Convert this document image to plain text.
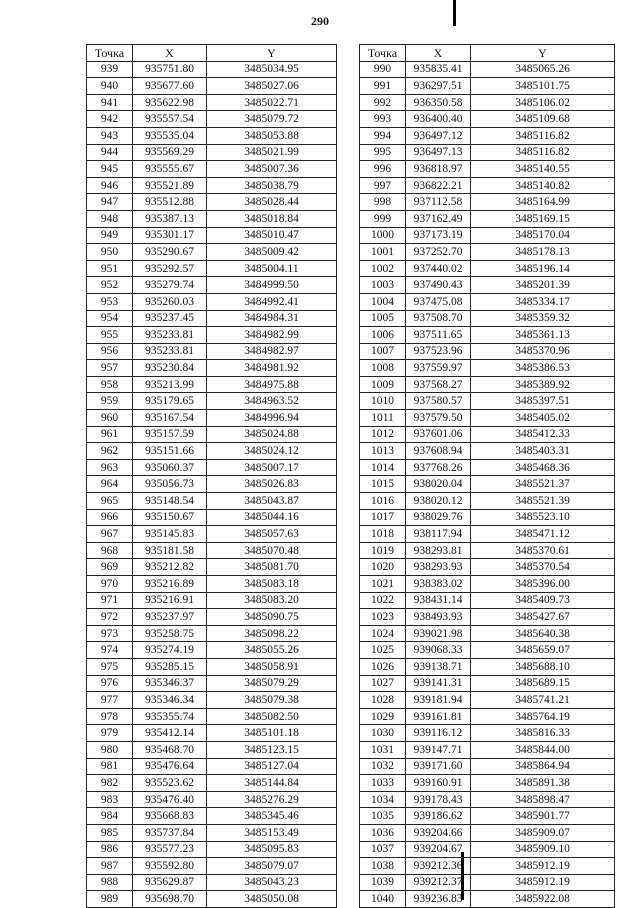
290
Точка	X	Y
939	935751.80	3485034.95
940	935677.60	3485027.06
941	935622.98	3485022.71
942	935557.54	3485079.72
943	935535.04	3485053.88
944	935569.29	3485021.99
945	935555.67	3485007.36
946	935521.89	3485038.79
947	935512.88	3485028.44
948	935387.13	3485018.84
949	935301.17	3485010.47
950	935290.67	3485009.42
951	935292.57	3485004.11
952	935279.74	3484999.50
953	935260.03	3484992.41
954	935237.45	3484984.31
955	935233.81	3484982.99
956	935233.81	3484982.97
957	935230.84	3484981.92
958	935213.99	3484975.88
959	935179.65	3484963.52
960	935167.54	3484996.94
961	935157.59	3485024.88
962	935151.66	3485024.12
963	935060.37	3485007.17
964	935056.73	3485026.83
965	935148.54	3485043.87
966	935150.67	3485044.16
967	935145.83	3485057.63
968	935181.58	3485070.48
969	935212.82	3485081.70
970	935216.89	3485083.18
971	935216.91	3485083.20
972	935237.97	3485090.75
973	935258.75	3485098.22
974	935274.19	3485055.26
975	935285.15	3485058.91
976	935346.37	3485079.29
977	935346.34	3485079.38
978	935355.74	3485082.50
979	935412.14	3485101.18
980	935468.70	3485123.15
981	935476.64	3485127.04
982	935523.62	3485144.84
983	935476.40	3485276.29
984	935668.83	3485345.46
985	935737.84	3485153.49
986	935577.23	3485095.83
987	935592.80	3485079.07
988	935629.87	3485043.23
989	935698.70	3485050.08
Точка	X	Y
990	935835.41	3485065.26
991	936297.51	3485101.75
992	936350.58	3485106.02
993	936400.40	3485109.68
994	936497.12	3485116.82
995	936497.13	3485116.82
996	936818.97	3485140.55
997	936822.21	3485140.82
998	937112.58	3485164.99
999	937162.49	3485169.15
1000	937173.19	3485170.04
1001	937252.70	3485178.13
1002	937440.02	3485196.14
1003	937490.43	3485201.39
1004	937475.08	3485334.17
1005	937508.70	3485359.32
1006	937511.65	3485361.13
1007	937523.96	3485370.96
1008	937559.97	3485386.53
1009	937568.27	3485389.92
1010	937580.57	3485397.51
1011	937579.50	3485405.02
1012	937601.06	3485412.33
1013	937608.94	3485403.31
1014	937768.26	3485468.36
1015	938020.04	3485521.37
1016	938020.12	3485521.39
1017	938029.76	3485523.10
1018	938117.94	3485471.12
1019	938293.81	3485370.61
1020	938293.93	3485370.54
1021	938383.02	3485396.00
1022	938431.14	3485409.73
1023	938493.93	3485427.67
1024	939021.98	3485640.38
1025	939068.33	3485659.07
1026	939138.71	3485688.10
1027	939141.31	3485689.15
1028	939181.94	3485741.21
1029	939161.81	3485764.19
1030	939116.12	3485816.33
1031	939147.71	3485844.00
1032	939171.60	3485864.94
1033	939160.91	3485891.38
1034	939178.43	3485898.47
1035	939186.62	3485901.77
1036	939204.66	3485909.07
1037	939204.67	3485909.10
1038	939212.36	3485912.19
1039	939212.37	3485912.19
1040	939236.83	3485922.08
